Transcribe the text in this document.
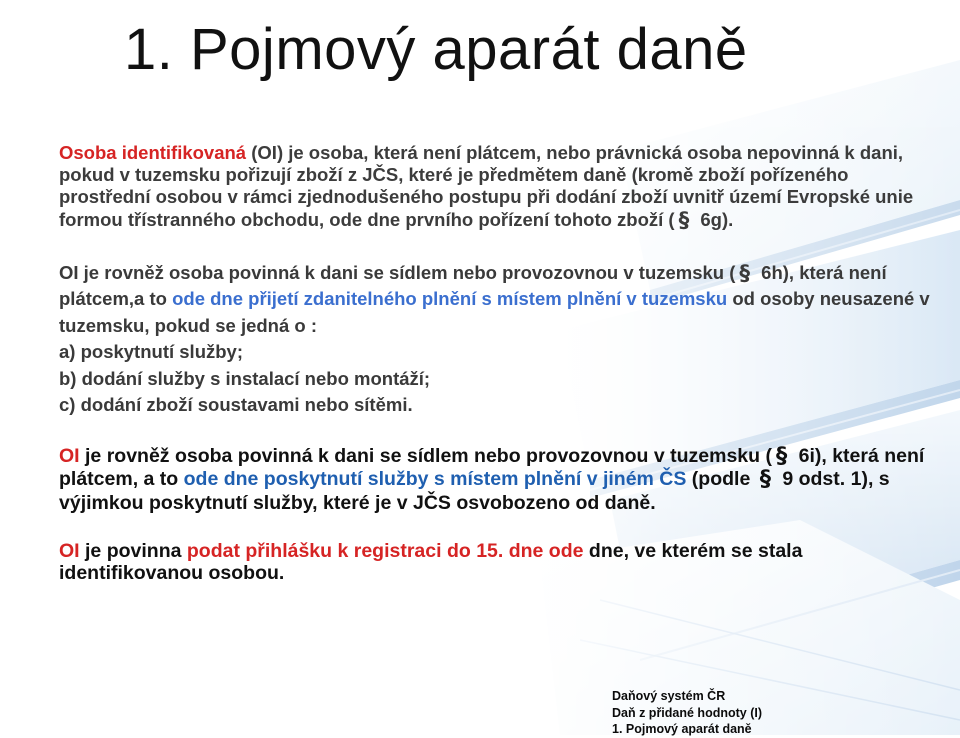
1. Pojmový aparát daně

Osoba identifikovaná (OI) je osoba, která není plátcem, nebo právnická osoba nepovinná k dani, pokud v tuzemsku pořizují zboží z JČS, které je předmětem daně (kromě zboží pořízeného prostřední osobou v rámci zjednodušeného postupu při dodání zboží uvnitř území Evropské unie formou třístranného obchodu, ode dne prvního pořízení tohoto zboží ( § 6g).

OI je rovněž osoba povinná k dani se sídlem nebo provozovnou v tuzemsku ( § 6h), která není plátcem,a to ode dne přijetí zdanitelného plnění s místem plnění v tuzemsku od osoby neusazené v tuzemsku, pokud se jedná o :
a) poskytnutí služby;
b) dodání služby s instalací nebo montáží;
c) dodání zboží soustavami nebo sítěmi.

OI je rovněž osoba povinná k dani se sídlem nebo provozovnou v tuzemsku ( § 6i), která není plátcem, a to ode dne poskytnutí služby s místem plnění v jiném ČS (podle § 9 odst. 1), s výjimkou poskytnutí služby, které je v JČS osvobozeno od daně.

OI je povinna podat přihlášku k registraci do 15. dne ode dne, ve kterém se stala identifikovanou osobou.

Daňový systém ČR
Daň z přidané hodnoty (I)
1. Pojmový aparát daně
